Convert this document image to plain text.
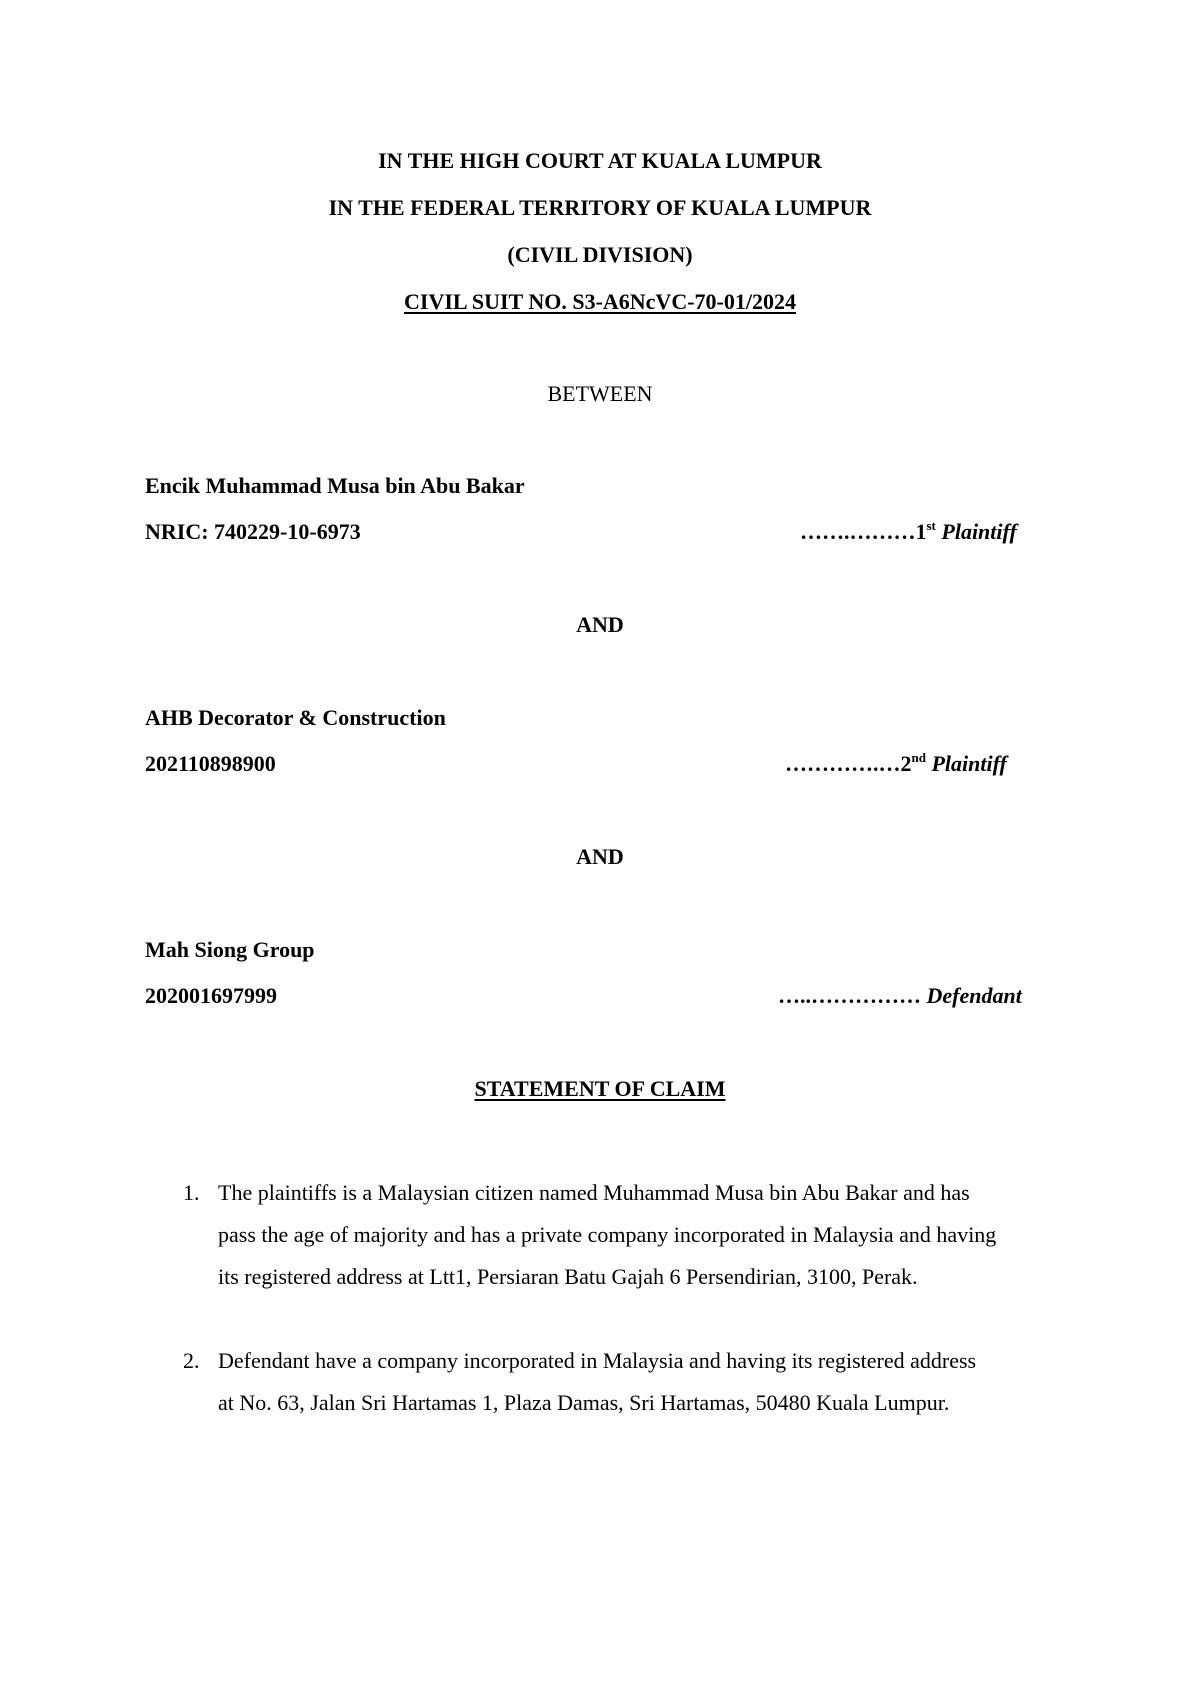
IN THE HIGH COURT AT KUALA LUMPUR
IN THE FEDERAL TERRITORY OF KUALA LUMPUR
(CIVIL DIVISION)
CIVIL SUIT NO. S3-A6NcVC-70-01/2024
BETWEEN
Encik Muhammad Musa bin Abu Bakar
NRIC: 740229-10-6973	…….………1st Plaintiff
AND
AHB Decorator & Construction
202110898900	………….…2nd Plaintiff
AND
Mah Siong Group
202001697999	…..…………… Defendant
STATEMENT OF CLAIM
1. The plaintiffs is a Malaysian citizen named Muhammad Musa bin Abu Bakar and has
pass the age of majority and has a private company incorporated in Malaysia and having
its registered address at Ltt1, Persiaran Batu Gajah 6 Persendirian, 3100, Perak.
2. Defendant have a company incorporated in Malaysia and having its registered address
at No. 63, Jalan Sri Hartamas 1, Plaza Damas, Sri Hartamas, 50480 Kuala Lumpur.
